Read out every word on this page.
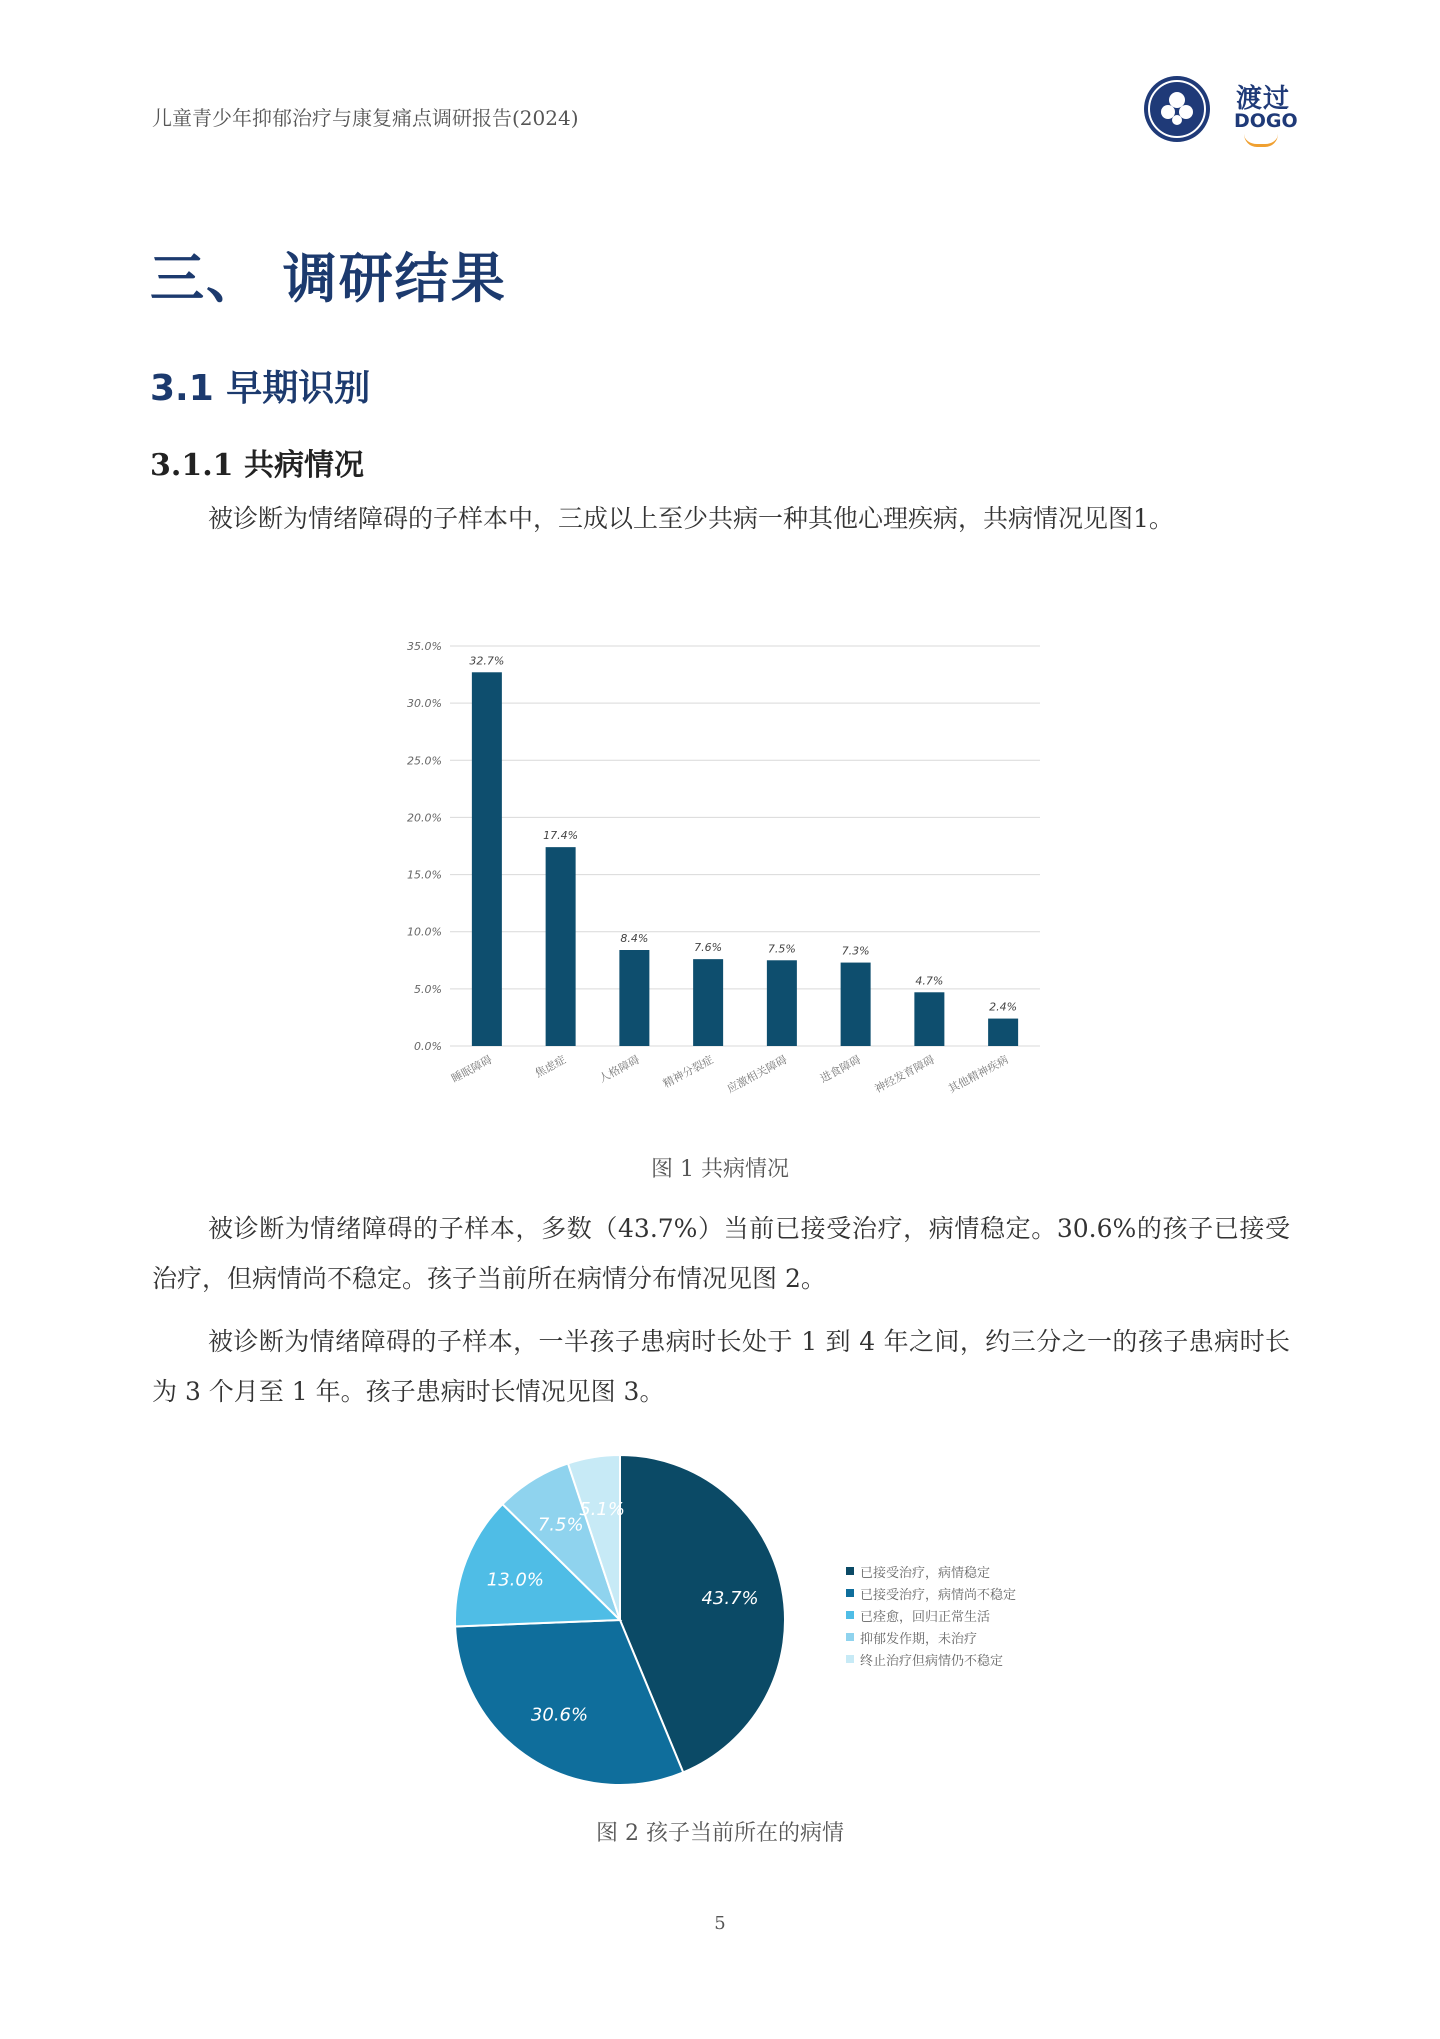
儿童青少年抑郁治疗与康复痛点调研报告(2024)
渡过
DOGO
三、 调研结果
3.1 早期识别
3.1.1 共病情况
被诊断为情绪障碍的子样本中，三成以上至少共病一种其他心理疾病，共病情况见图1。
0.0%
5.0%
10.0%
15.0%
20.0%
25.0%
30.0%
35.0%
32.7%
睡眠障碍
17.4%
焦虑症
8.4%
人格障碍
7.6%
精神分裂症
7.5%
应激相关障碍
7.3%
进食障碍
4.7%
神经发育障碍
2.4%
其他精神疾病
图 1 共病情况
被诊断为情绪障碍的子样本，多数（43.7%）当前已接受治疗，病情稳定。30.6%的孩子已接受治疗，但病情尚不稳定。孩子当前所在病情分布情况见图 2。
被诊断为情绪障碍的子样本，一半孩子患病时长处于 1 到 4 年之间，约三分之一的孩子患病时长为 3 个月至 1 年。孩子患病时长情况见图 3。
43.7%
30.6%
13.0%
7.5%
5.1%
已接受治疗，病情稳定
已接受治疗，病情尚不稳定
已痊愈，回归正常生活
抑郁发作期，未治疗
终止治疗但病情仍不稳定
图 2 孩子当前所在的病情
5
